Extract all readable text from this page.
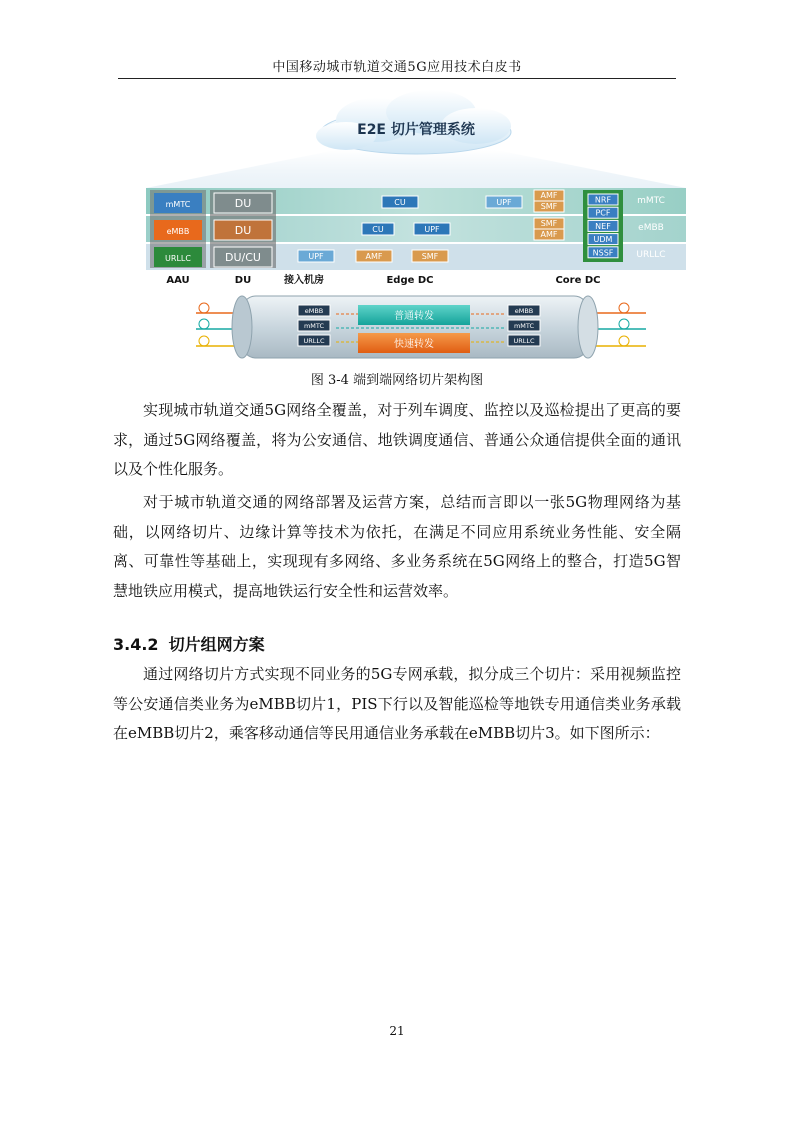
中国移动城市轨道交通5G应用技术白皮书
E2E 切片管理系统
mMTC
eMBB
URLLC
DU
DU
DU/CU	UPF
CU
CU	UPF
AMF	SMF
UPF
AMF
SMF
SMF
AMF
NRF
PCF
NEF
UDM
NSSF
mMTC
eMBB
URLLC
AAU	DU	接入机房	Edge DC	Core DC
eMBB
mMTC
URLLC
eMBB
mMTC
URLLC
普通转发
快速转发
图 3-4 端到端网络切片架构图

实现城市轨道交通5G网络全覆盖，对于列车调度、监控以及巡检提出了更高的要求，通过5G网络覆盖，将为公安通信、地铁调度通信、普通公众通信提供全面的通讯以及个性化服务。

对于城市轨道交通的网络部署及运营方案，总结而言即以一张5G物理网络为基础，以网络切片、边缘计算等技术为依托，在满足不同应用系统业务性能、安全隔离、可靠性等基础上，实现现有多网络、多业务系统在5G网络上的整合，打造5G智慧地铁应用模式，提高地铁运行安全性和运营效率。

3.4.2 切片组网方案

通过网络切片方式实现不同业务的5G专网承载，拟分成三个切片：采用视频监控等公安通信类业务为eMBB切片1，PIS下行以及智能巡检等地铁专用通信类业务承载在eMBB切片2，乘客移动通信等民用通信业务承载在eMBB切片3。如下图所示：

21
